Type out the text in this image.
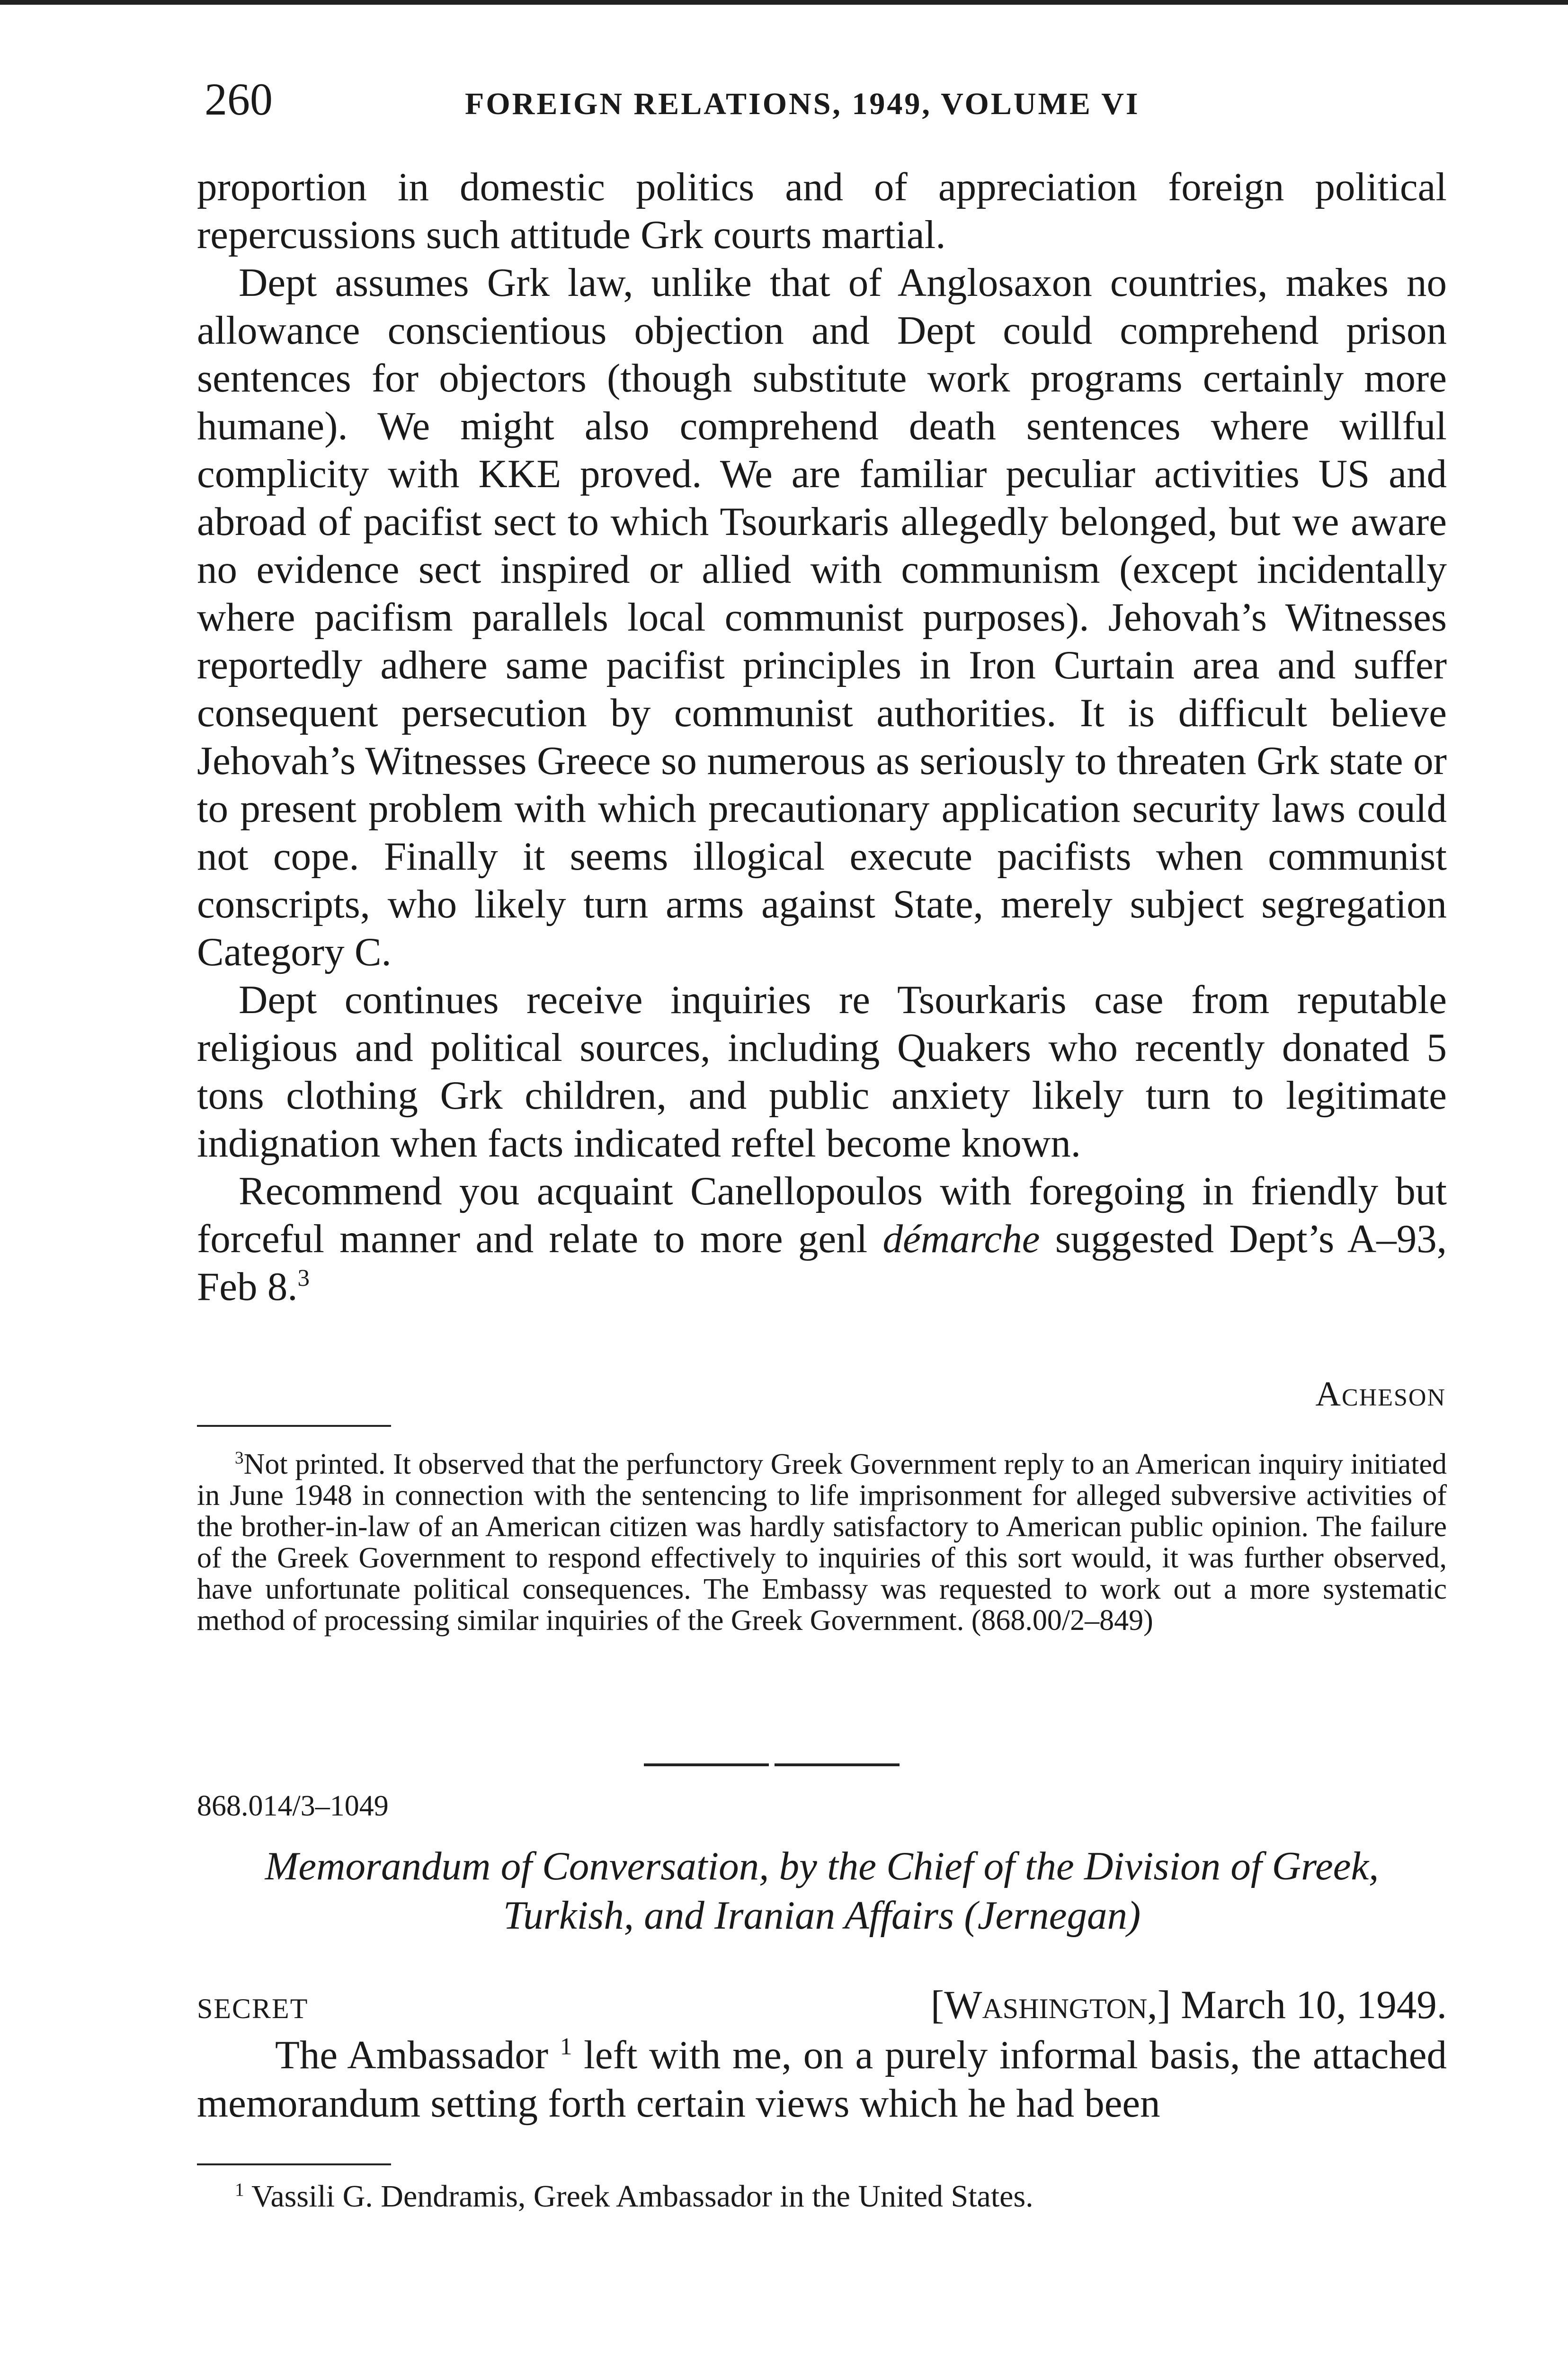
260	FOREIGN RELATIONS, 1949, VOLUME VI

proportion in domestic politics and of appreciation foreign political repercussions such attitude Grk courts martial.

Dept assumes Grk law, unlike that of Anglosaxon countries, makes no allowance conscientious objection and Dept could comprehend prison sentences for objectors (though substitute work programs certainly more humane). We might also comprehend death sentences where willful complicity with KKE proved. We are familiar peculiar activities US and abroad of pacifist sect to which Tsourkaris allegedly belonged, but we aware no evidence sect inspired or allied with communism (except incidentally where pacifism parallels local communist purposes). Jehovah’s Witnesses reportedly adhere same pacifist principles in Iron Curtain area and suffer consequent persecution by communist authorities. It is difficult believe Jehovah’s Witnesses Greece so numerous as seriously to threaten Grk state or to present problem with which precautionary application security laws could not cope. Finally it seems illogical execute pacifists when communist conscripts, who likely turn arms against State, merely subject segregation Category C.

Dept continues receive inquiries re Tsourkaris case from reputable religious and political sources, including Quakers who recently donated 5 tons clothing Grk children, and public anxiety likely turn to legitimate indignation when facts indicated reftel become known.

Recommend you acquaint Canellopoulos with foregoing in friendly but forceful manner and relate to more genl démarche suggested Dept’s A–93, Feb 8.$^3$

Acheson

$^3$Not printed. It observed that the perfunctory Greek Government reply to an American inquiry initiated in June 1948 in connection with the sentencing to life imprisonment for alleged subversive activities of the brother-in-law of an American citizen was hardly satisfactory to American public opinion. The failure of the Greek Government to respond effectively to inquiries of this sort would, it was further observed, have unfortunate political consequences. The Embassy was requested to work out a more systematic method of processing similar inquiries of the Greek Government. (868.00/2–849)

868.014/3–1049
Memorandum of Conversation, by the Chief of the Division of Greek,
Turkish, and Iranian Affairs (Jernegan)
SECRET	[Washington,] March 10, 1949.

The Ambassador $^1$ left with me, on a purely informal basis, the attached memorandum setting forth certain views which he had been

$^1$ Vassili G. Dendramis, Greek Ambassador in the United States.
